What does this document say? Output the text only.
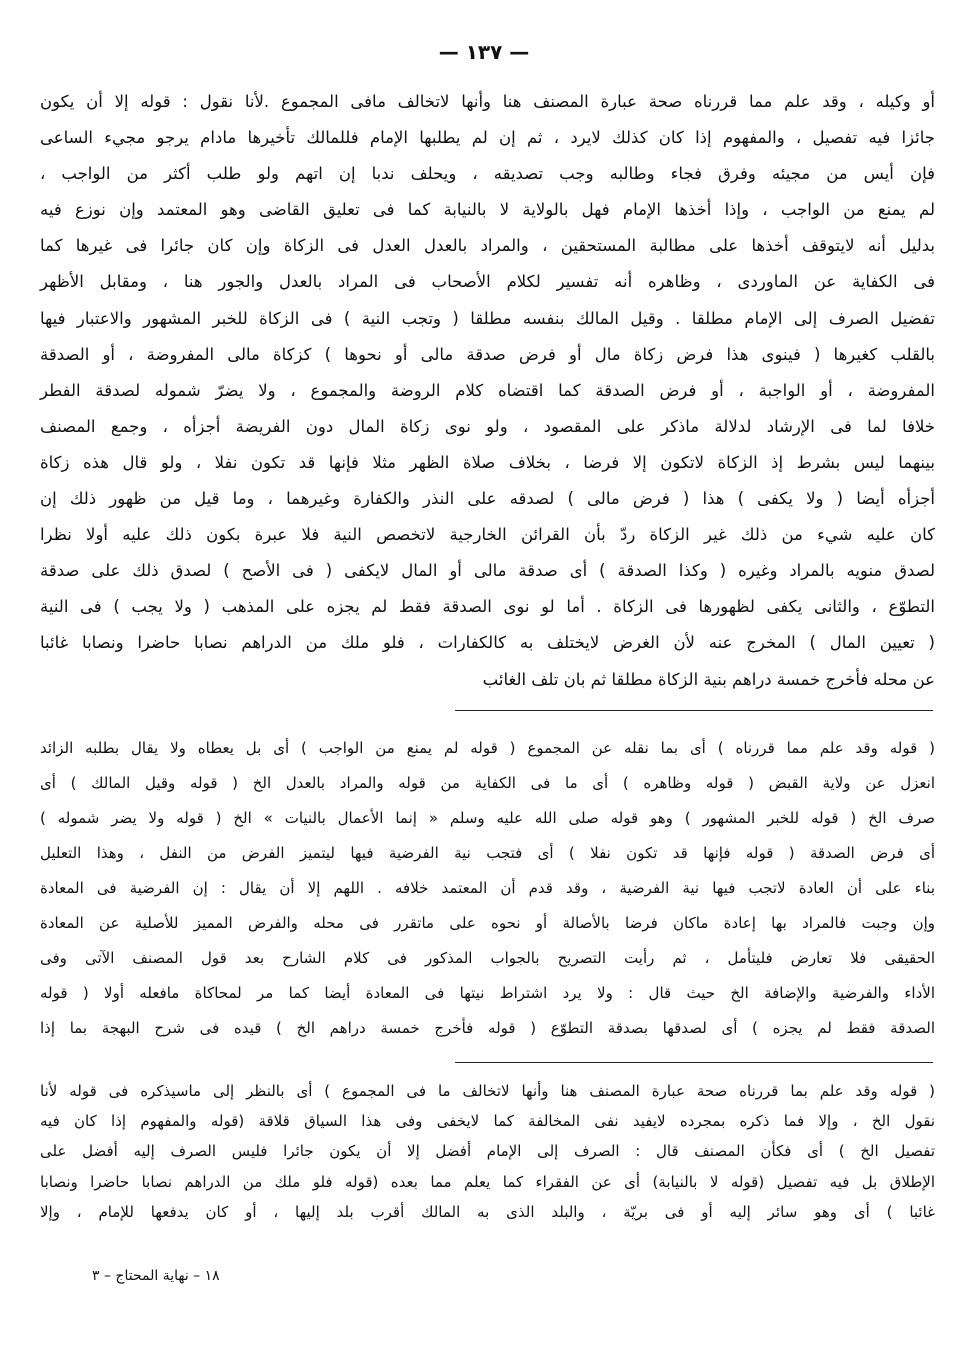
— ١٣٧ —
أو وكيله ، وقد علم مما قررناه صحة عبارة المصنف هنا وأنها لاتخالف مافى المجموع .لأنا نقول : قوله إلا أن يكون
جائزا فيه تفصيل ، والمفهوم إذا كان كذلك لايرد ، ثم إن لم يطلبها الإمام فللمالك تأخيرها مادام يرجو مجيء الساعى
فإن أيس من مجيئه وفرق فجاء وطالبه وجب تصديقه ، ويحلف ندبا إن اتهم ولو طلب أكثر من الواجب ،
لم يمنع من الواجب ، وإذا أخذها الإمام فهل بالولاية لا بالنيابة كما فى تعليق القاضى وهو المعتمد وإن نوزع فيه
بدليل أنه لايتوقف أخذها على مطالبة المستحقين ، والمراد بالعدل العدل فى الزكاة وإن كان جائرا فى غيرها كما
فى الكفاية عن الماوردى ، وظاهره أنه تفسير لكلام الأصحاب فى المراد بالعدل والجور هنا ، ومقابل الأظهر
تفضيل الصرف إلى الإمام مطلقا . وقيل المالك بنفسه مطلقا ( وتجب النية ) فى الزكاة للخبر المشهور والاعتبار فيها
بالقلب كغيرها ( فينوى هذا فرض زكاة مال أو فرض صدقة مالى أو نحوها ) كزكاة مالى المفروضة ، أو الصدقة
المفروضة ، أو الواجبة ، أو فرض الصدقة كما اقتضاه كلام الروضة والمجموع ، ولا يضرّ شموله لصدقة الفطر
خلافا لما فى الإرشاد لدلالة ماذكر على المقصود ، ولو نوى زكاة المال دون الفريضة أجزأه ، وجمع المصنف
بينهما ليس بشرط إذ الزكاة لاتكون إلا فرضا ، بخلاف صلاة الظهر مثلا فإنها قد تكون نفلا ، ولو قال هذه زكاة
أجزأه أيضا ( ولا يكفى ) هذا ( فرض مالى ) لصدقه على النذر والكفارة وغيرهما ، وما قيل من ظهور ذلك إن
كان عليه شيء من ذلك غير الزكاة ردّ بأن القرائن الخارجية لاتخصص النية فلا عبرة بكون ذلك عليه أولا نظرا
لصدق منويه بالمراد وغيره ( وكذا الصدقة ) أى صدقة مالى أو المال لايكفى ( فى الأصح ) لصدق ذلك على صدقة
التطوّع ، والثانى يكفى لظهورها فى الزكاة . أما لو نوى الصدقة فقط لم يجزه على المذهب ( ولا يجب ) فى النية
( تعيين المال ) المخرج عنه لأن الغرض لايختلف به كالكفارات ، فلو ملك من الدراهم نصابا حاضرا ونصابا غائبا
عن محله فأخرج خمسة دراهم بنية الزكاة مطلقا ثم بان تلف الغائب
( قوله وقد علم مما قررناه ) أى بما نقله عن المجموع ( قوله لم يمنع من الواجب ) أى بل يعطاه ولا يقال بطلبه الزائد
انعزل عن ولاية القبض ( قوله وظاهره ) أى ما فى الكفاية من قوله والمراد بالعدل الخ ( قوله وقيل المالك ) أى
صرف الخ ( قوله للخبر المشهور ) وهو قوله صلى الله عليه وسلم « إنما الأعمال بالنيات » الخ ( قوله ولا يضر شموله )
أى فرض الصدقة ( قوله فإنها قد تكون نفلا ) أى فتجب نية الفرضية فيها ليتميز الفرض من النفل ، وهذا التعليل
بناء على أن العادة لاتجب فيها نية الفرضية ، وقد قدم أن المعتمد خلافه . اللهم إلا أن يقال : إن الفرضية فى المعادة
وإن وجبت فالمراد بها إعادة ماكان فرضا بالأصالة أو نحوه على ماتقرر فى محله والفرض المميز للأصلية عن المعادة
الحقيقى فلا تعارض فليتأمل ، ثم رأيت التصريح بالجواب المذكور فى كلام الشارح بعد قول المصنف الآتى وفى
الأداء والفرضية والإضافة الخ حيث قال : ولا يرد اشتراط نيتها فى المعادة أيضا كما مر لمحاكاة مافعله أولا ( قوله
الصدقة فقط لم يجزه ) أى لصدقها بصدقة التطوّع ( قوله فأخرج خمسة دراهم الخ ) قيده فى شرح البهجة بما إذا
( قوله وقد علم بما قررناه صحة عبارة المصنف هنا وأنها لاتخالف ما فى المجموع ) أى بالنظر إلى ماسيذكره فى قوله لأنا
نقول الخ ، وإلا فما ذكره بمجرده لايفيد نفى المخالفة كما لايخفى وفى هذا السياق قلاقة (قوله والمفهوم إذا كان فيه
تفصيل الخ ) أى فكأن المصنف قال : الصرف إلى الإمام أفضل إلا أن يكون جائرا فليس الصرف إليه أفضل على
الإطلاق بل فيه تفصيل (قوله لا بالنيابة) أى عن الفقراء كما يعلم مما بعده (قوله فلو ملك من الدراهم نصابا حاضرا ونصابا
غائبا ) أى وهو سائر إليه أو فى بريّة ، والبلد الذى به المالك أقرب بلد إليها ، أو كان يدفعها للإمام ، وإلا
١٨ – نهاية المحتاج – ٣
